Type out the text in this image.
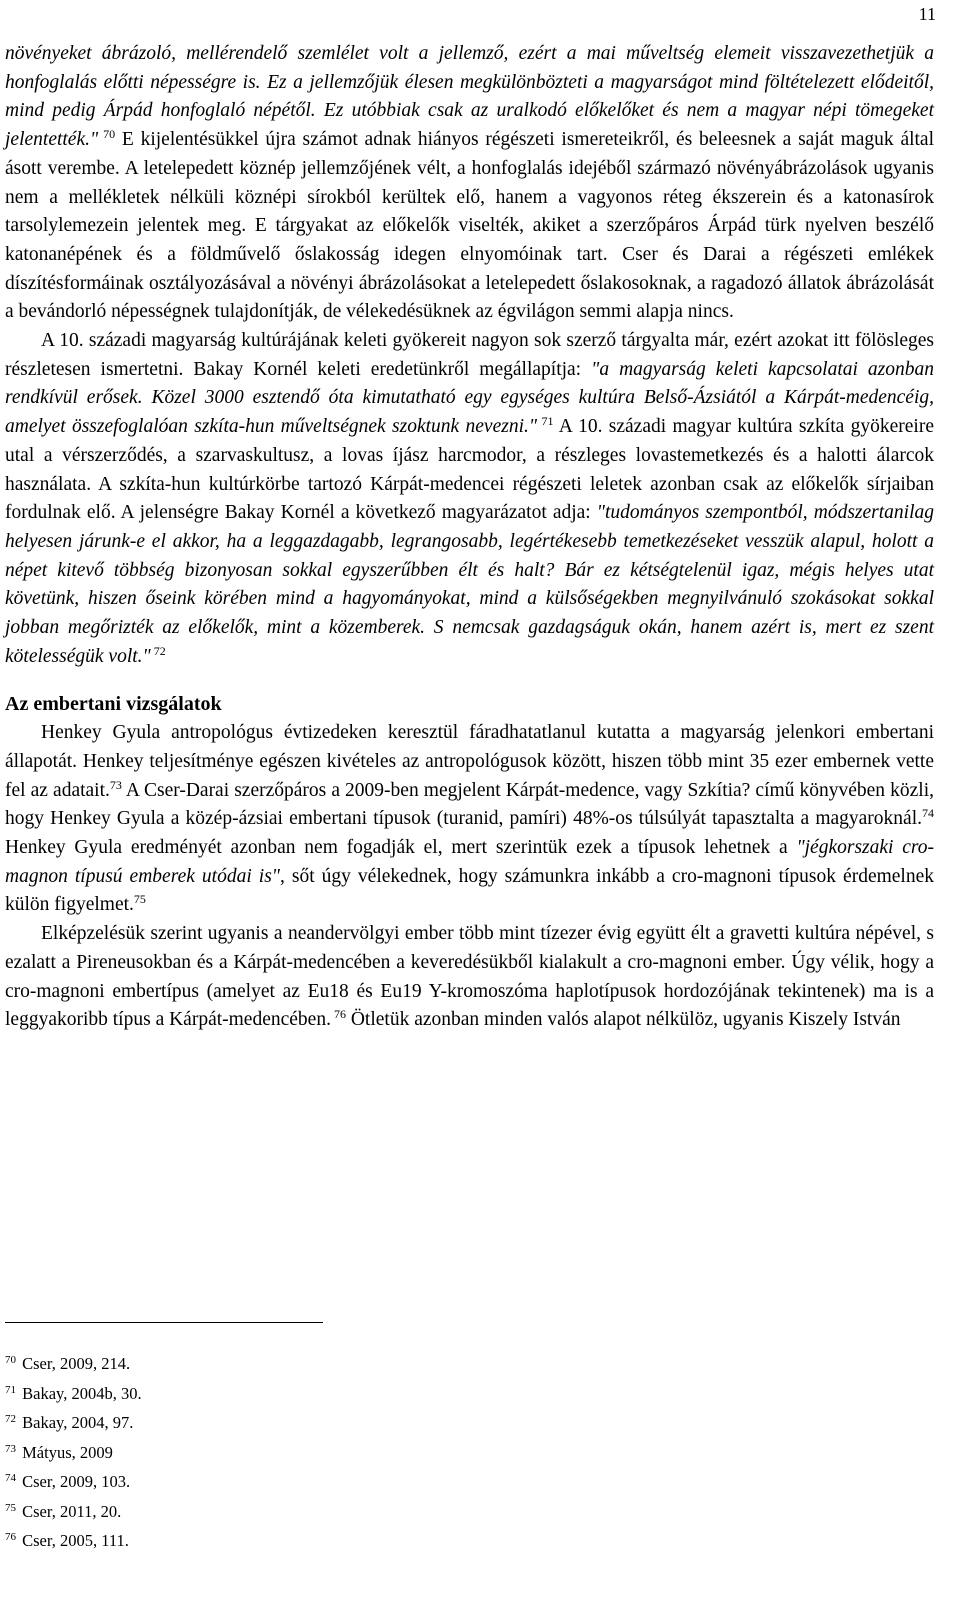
11

növényeket ábrázoló, mellérendelő szemlélet volt a jellemző, ezért a mai műveltség elemeit visszavezethetjük a honfoglalás előtti népességre is. Ez a jellemzőjük élesen megkülönbözteti a magyarságot mind föltételezett elődeitől, mind pedig Árpád honfoglaló népétől. Ez utóbbiak csak az uralkodó előkelőket és nem a magyar népi tömegeket jelentették." $^{70}$ E kijelentésükkel újra számot adnak hiányos régészeti ismereteikről, és beleesnek a saját maguk által ásott verembe. A letelepedett köznép jellemzőjének vélt, a honfoglalás idejéből származó növényábrázolások ugyanis nem a mellékletek nélküli köznépi sírokból kerültek elő, hanem a vagyonos réteg ékszerein és a katonasírok tarsolylemezein jelentek meg. E tárgyakat az előkelők viselték, akiket a szerzőpáros Árpád türk nyelven beszélő katonanépének és a földművelő őslakosság idegen elnyomóinak tart. Cser és Darai a régészeti emlékek díszítésformáinak osztályozásával a növényi ábrázolásokat a letelepedett őslakosoknak, a ragadozó állatok ábrázolását a bevándorló népességnek tulajdonítják, de vélekedésüknek az égvilágon semmi alapja nincs.

A 10. századi magyarság kultúrájának keleti gyökereit nagyon sok szerző tárgyalta már, ezért azokat itt fölösleges részletesen ismertetni. Bakay Kornél keleti eredetünkről megállapítja: "a magyarság keleti kapcsolatai azonban rendkívül erősek. Közel 3000 esztendő óta kimutatható egy egységes kultúra Belső-Ázsiától a Kárpát-medencéig, amelyet összefoglalóan szkíta-hun műveltségnek szoktunk nevezni." $^{71}$ A 10. századi magyar kultúra szkíta gyökereire utal a vérszerződés, a szarvaskultusz, a lovas íjász harcmodor, a részleges lovastemetkezés és a halotti álarcok használata. A szkíta-hun kultúrkörbe tartozó Kárpát-medencei régészeti leletek azonban csak az előkelők sírjaiban fordulnak elő. A jelenségre Bakay Kornél a következő magyarázatot adja: "tudományos szempontból, módszertanilag helyesen járunk-e el akkor, ha a leggazdagabb, legrangosabb, legértékesebb temetkezéseket vesszük alapul, holott a népet kitevő többség bizonyosan sokkal egyszerűbben élt és halt? Bár ez kétségtelenül igaz, mégis helyes utat követünk, hiszen őseink körében mind a hagyományokat, mind a külsőségekben megnyilvánuló szokásokat sokkal jobban megőrizték az előkelők, mint a közemberek. S nemcsak gazdagságuk okán, hanem azért is, mert ez szent kötelességük volt." $^{72}$

Az embertani vizsgálatok

Henkey Gyula antropológus évtizedeken keresztül fáradhatatlanul kutatta a magyarság jelenkori embertani állapotát. Henkey teljesítménye egészen kivételes az antropológusok között, hiszen több mint 35 ezer embernek vette fel az adatait.$^{73}$ A Cser-Darai szerzőpáros a 2009-ben megjelent Kárpát-medence, vagy Szkítia? című könyvében közli, hogy Henkey Gyula a közép-ázsiai embertani típusok (turanid, pamíri) 48%-os túlsúlyát tapasztalta a magyaroknál.$^{74}$ Henkey Gyula eredményét azonban nem fogadják el, mert szerintük ezek a típusok lehetnek a "jégkorszaki cro-magnon típusú emberek utódai is", sőt úgy vélekednek, hogy számunkra inkább a cro-magnoni típusok érdemelnek külön figyelmet.$^{75}$

Elképzelésük szerint ugyanis a neandervölgyi ember több mint tízezer évig együtt élt a gravetti kultúra népével, s ezalatt a Pireneusokban és a Kárpát-medencében a keveredésükből kialakult a cro-magnoni ember. Úgy vélik, hogy a cro-magnoni embertípus (amelyet az Eu18 és Eu19 Y-kromoszóma haplotípusok hordozójának tekintenek) ma is a leggyakoribb típus a Kárpát-medencében. $^{76}$ Ötletük azonban minden valós alapot nélkülöz, ugyanis Kiszely István

$^{70}$ Cser, 2009, 214.

$^{71}$ Bakay, 2004b, 30.

$^{72}$ Bakay, 2004, 97.

$^{73}$ Mátyus, 2009

$^{74}$ Cser, 2009, 103.

$^{75}$ Cser, 2011, 20.

$^{76}$ Cser, 2005, 111.
